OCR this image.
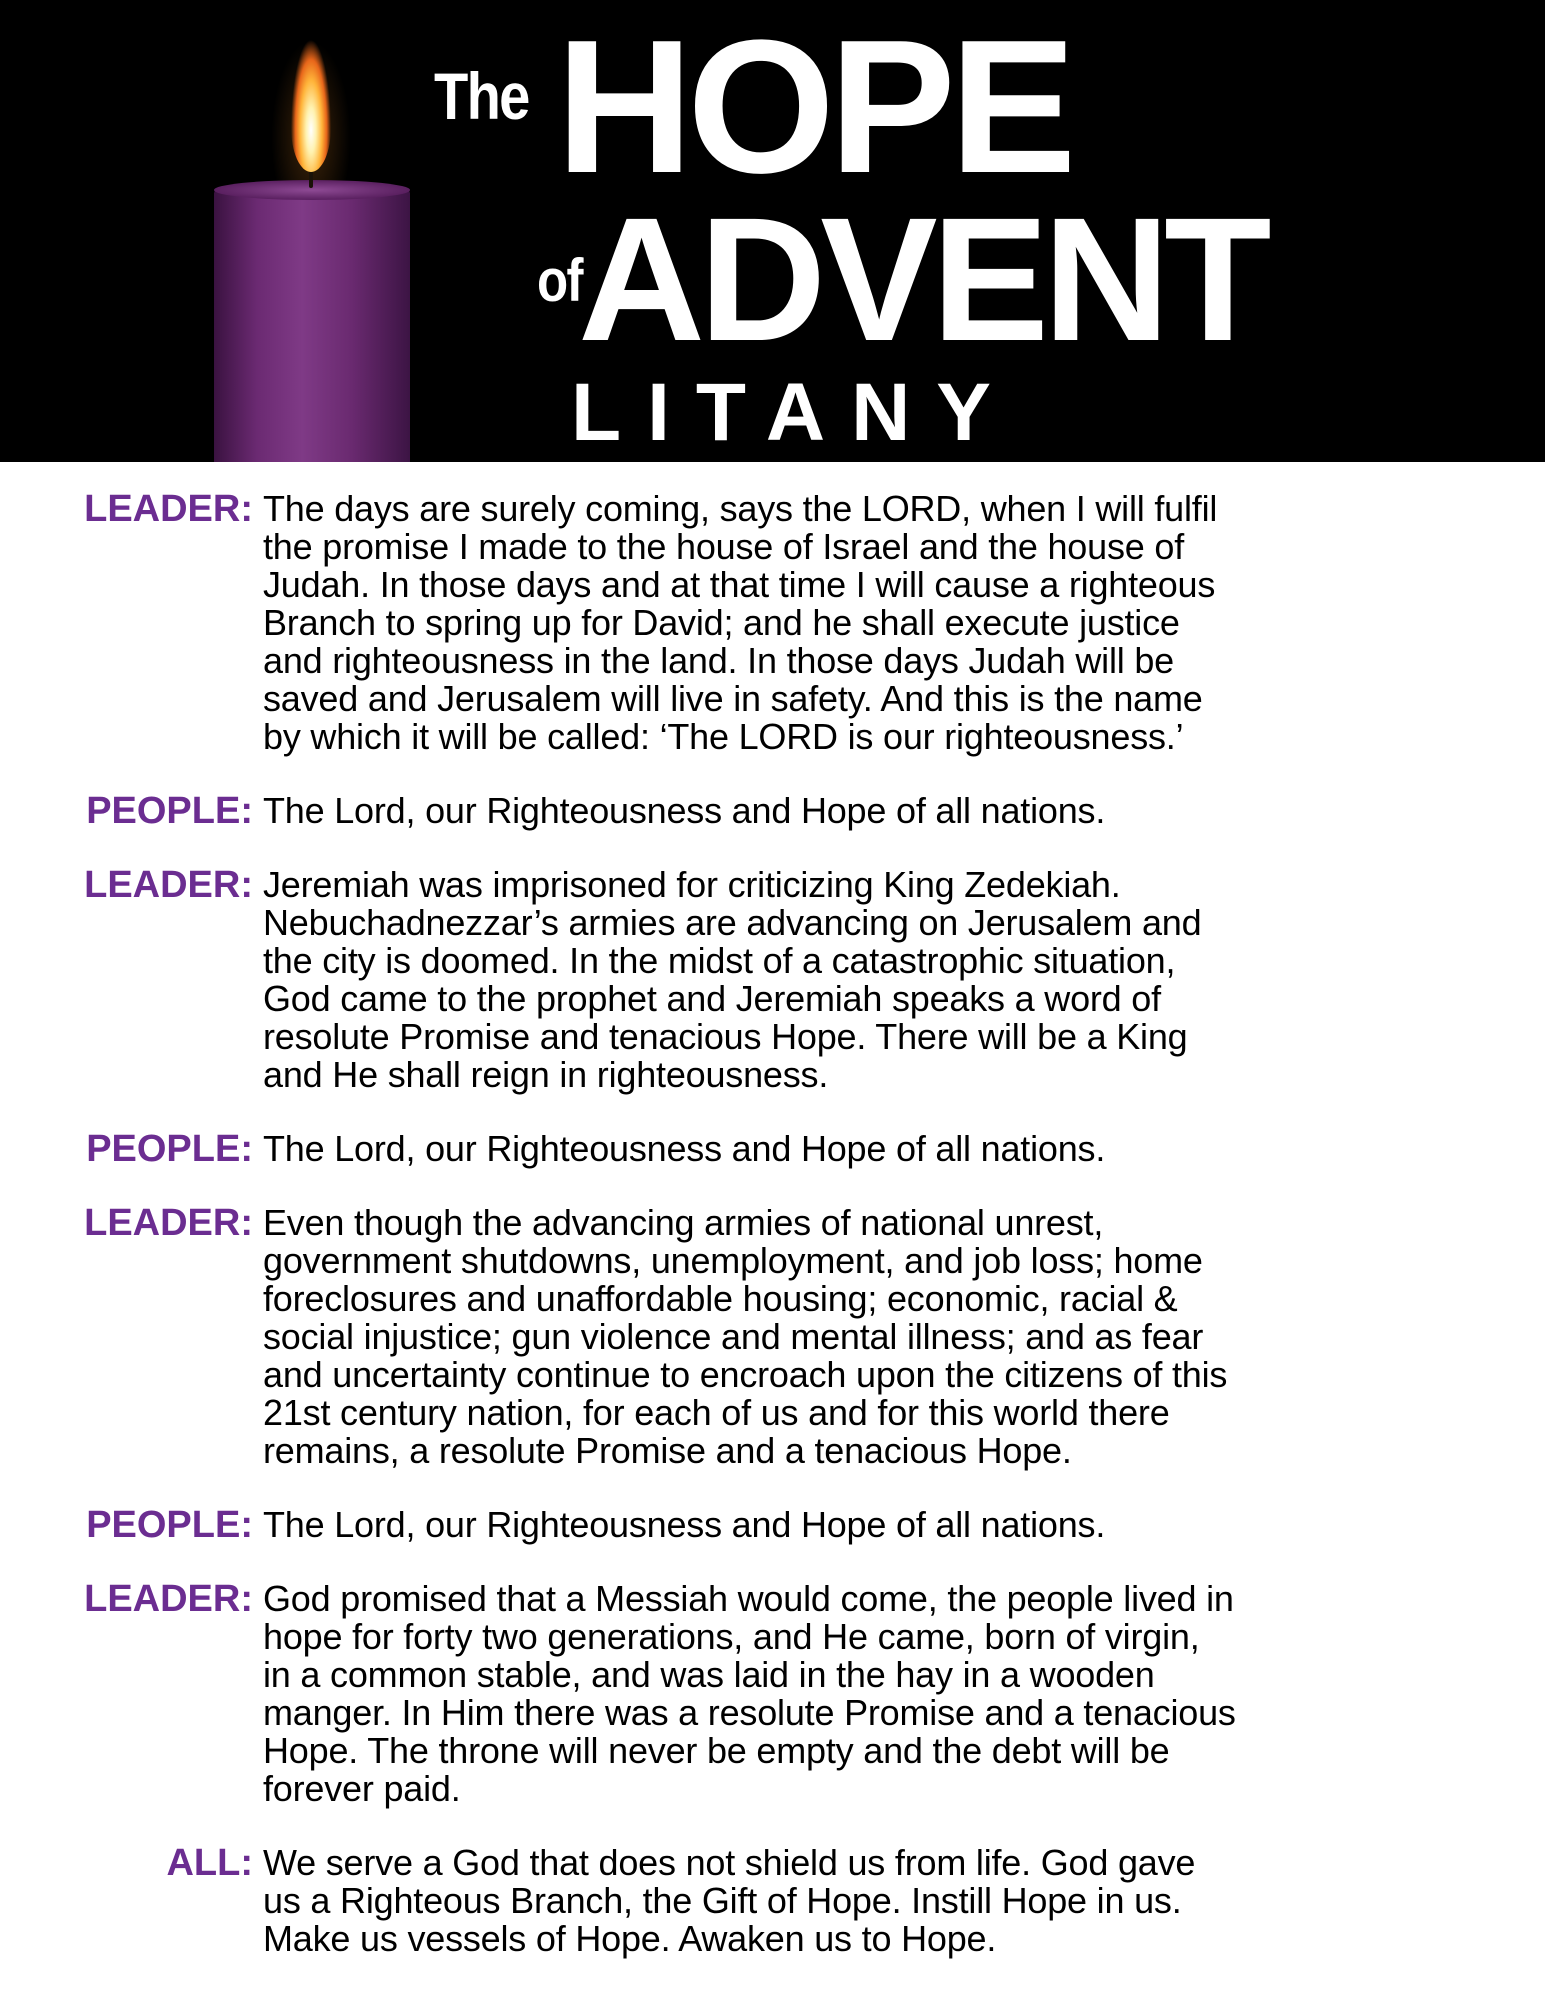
The HOPE
of
ADVENT
LITANY
LEADER: The days are surely coming, says the LORD, when I will fulfil
the promise I made to the house of Israel and the house of
Judah. In those days and at that time I will cause a righteous
Branch to spring up for David; and he shall execute justice
and righteousness in the land. In those days Judah will be
saved and Jerusalem will live in safety. And this is the name
by which it will be called: ‘The LORD is our righteousness.’
PEOPLE: The Lord, our Righteousness and Hope of all nations.
LEADER: Jeremiah was imprisoned for criticizing King Zedekiah.
Nebuchadnezzar’s armies are advancing on Jerusalem and
the city is doomed. In the midst of a catastrophic situation,
God came to the prophet and Jeremiah speaks a word of
resolute Promise and tenacious Hope. There will be a King
and He shall reign in righteousness.
PEOPLE: The Lord, our Righteousness and Hope of all nations.
LEADER: Even though the advancing armies of national unrest,
government shutdowns, unemployment, and job loss; home
foreclosures and unaffordable housing; economic, racial &
social injustice; gun violence and mental illness; and as fear
and uncertainty continue to encroach upon the citizens of this
21st century nation, for each of us and for this world there
remains, a resolute Promise and a tenacious Hope.
PEOPLE: The Lord, our Righteousness and Hope of all nations.
LEADER: God promised that a Messiah would come, the people lived in
hope for forty two generations, and He came, born of virgin,
in a common stable, and was laid in the hay in a wooden
manger. In Him there was a resolute Promise and a tenacious
Hope. The throne will never be empty and the debt will be
forever paid.
ALL: We serve a God that does not shield us from life. God gave
us a Righteous Branch, the Gift of Hope. Instill Hope in us.
Make us vessels of Hope. Awaken us to Hope.
